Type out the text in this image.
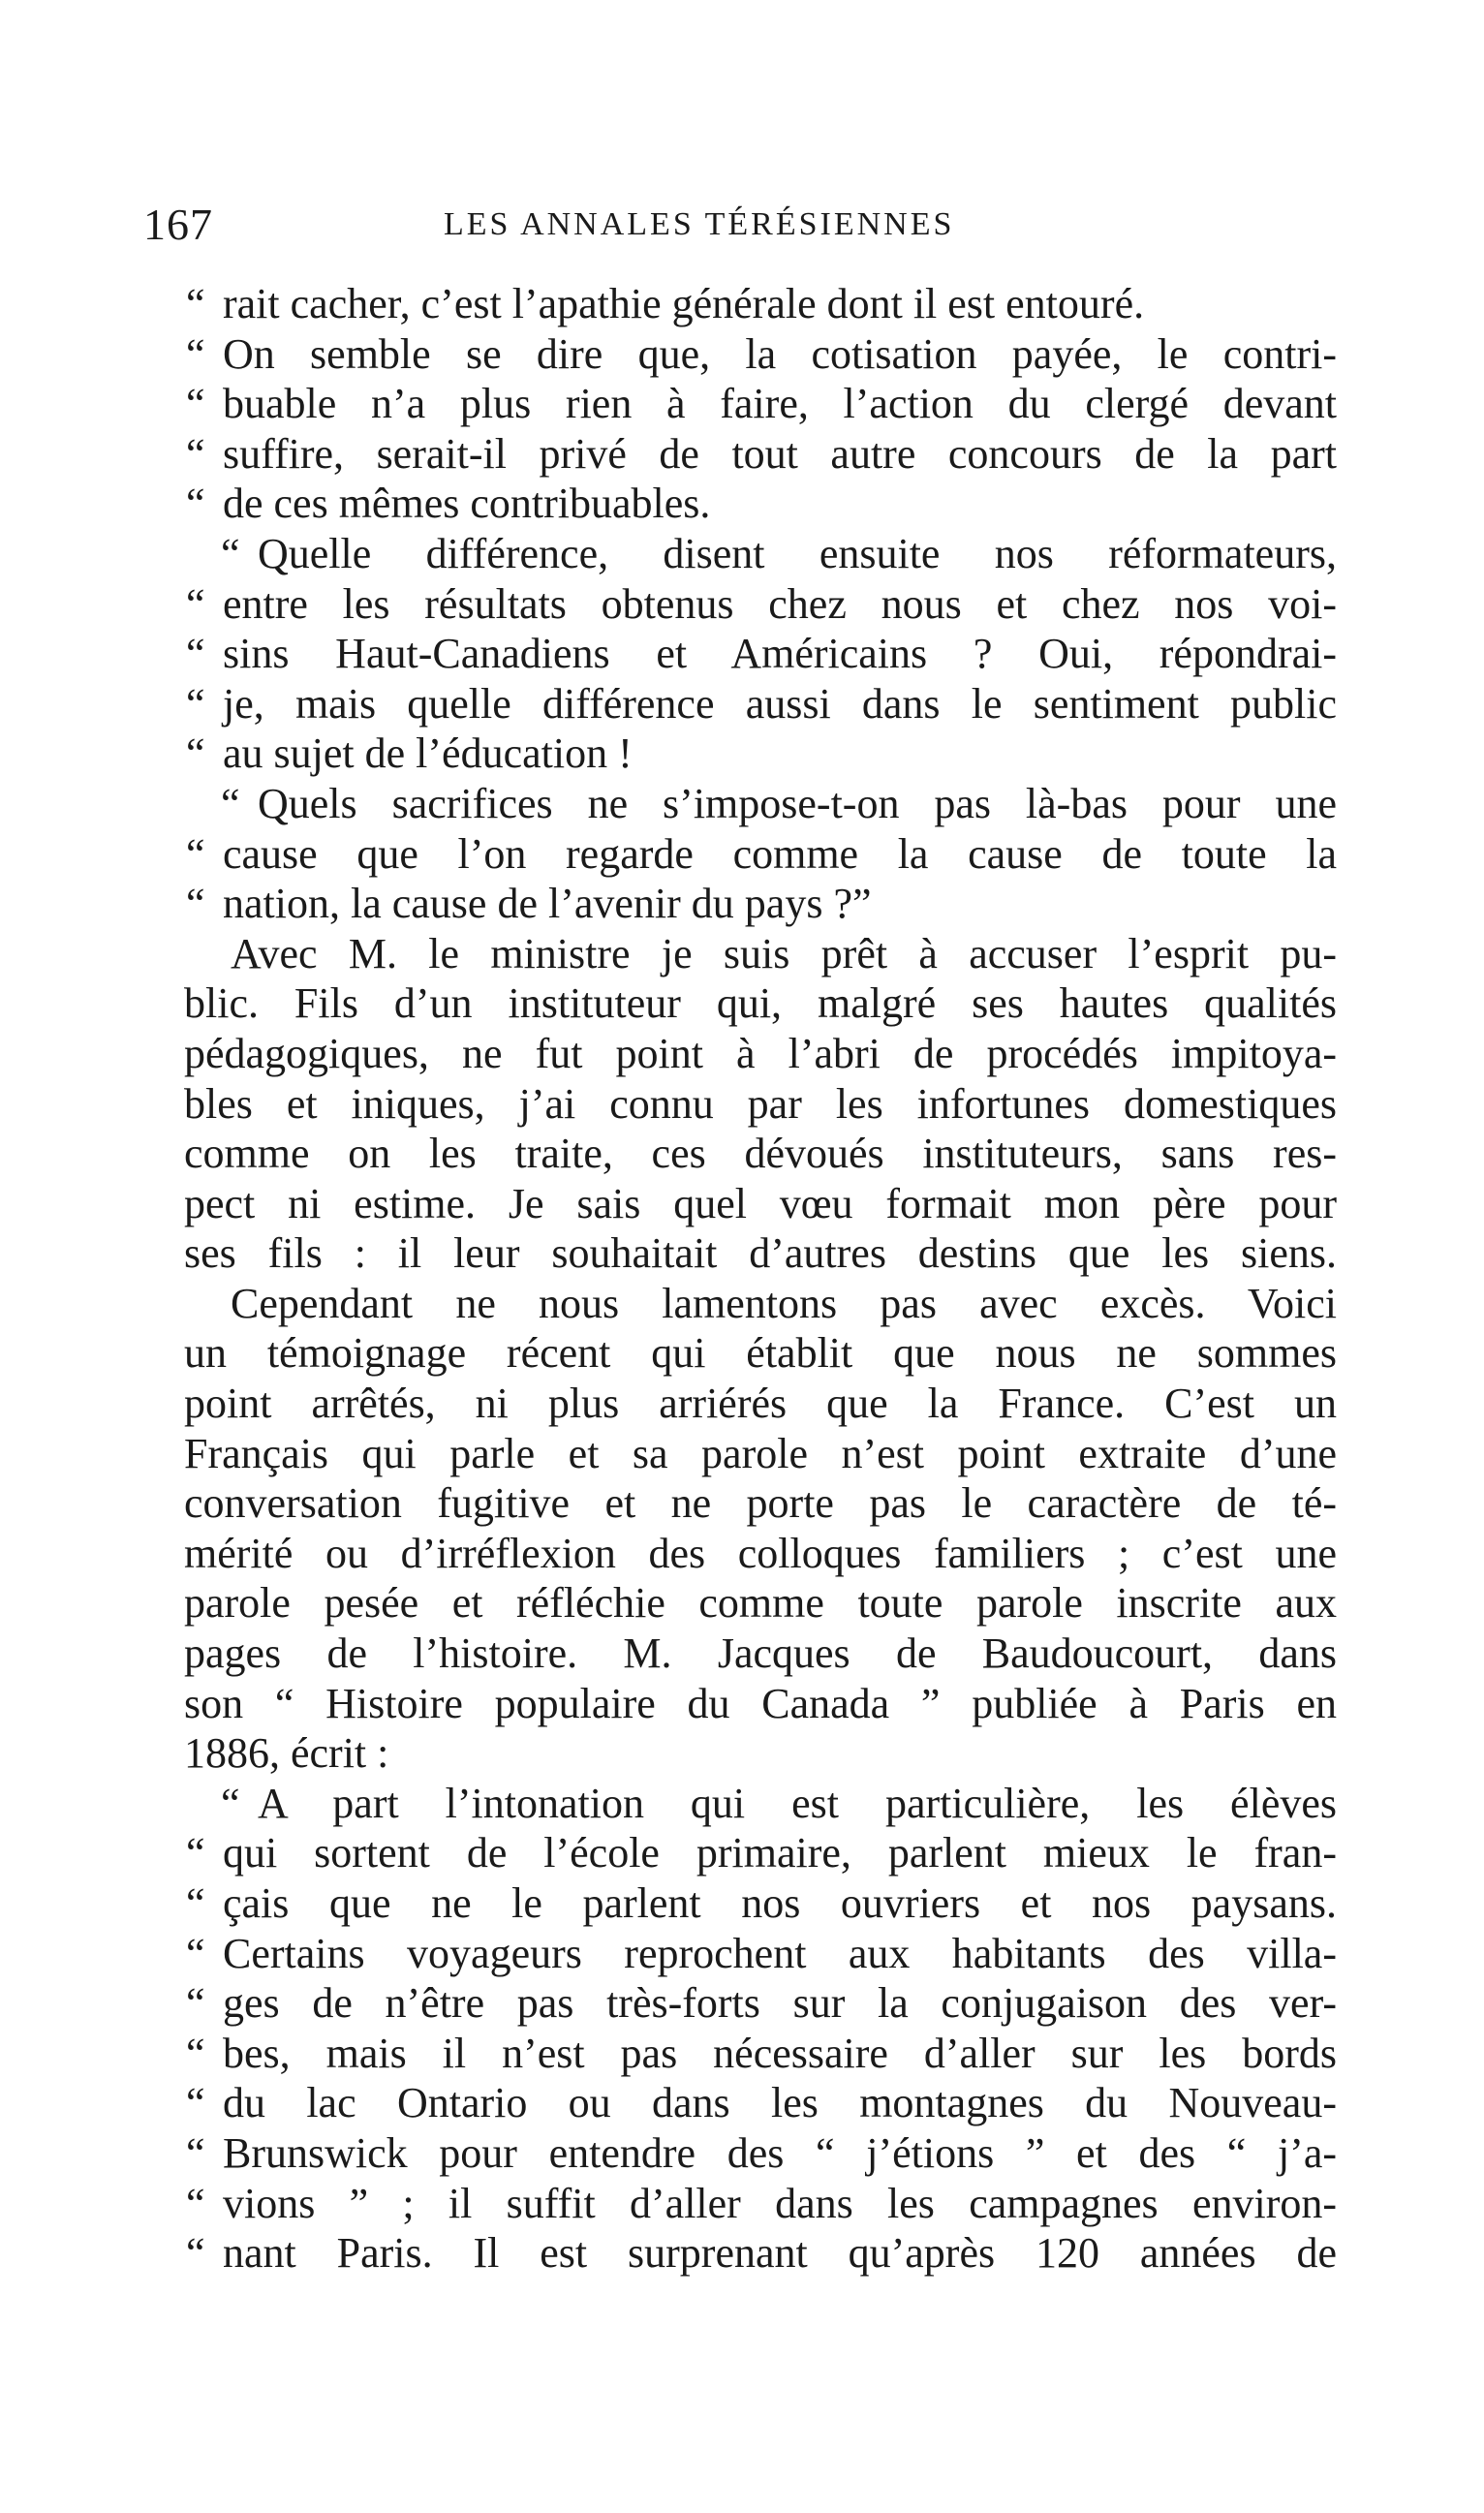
167	LES ANNALES TÉRÉSIENNES
“ rait cacher, c’est l’apathie générale dont il est entouré.
“ On semble se dire que, la cotisation payée, le contri-
“ buable n’a plus rien à faire, l’action du clergé devant
“ suffire, serait-il privé de tout autre concours de la part
“ de ces mêmes contribuables.
“ Quelle différence, disent ensuite nos réformateurs,
“ entre les résultats obtenus chez nous et chez nos voi-
“ sins Haut-Canadiens et Américains ? Oui, répondrai-
“ je, mais quelle différence aussi dans le sentiment public
“ au sujet de l’éducation !
“ Quels sacrifices ne s’impose-t-on pas là-bas pour une
“ cause que l’on regarde comme la cause de toute la
“ nation, la cause de l’avenir du pays ?”
Avec M. le ministre je suis prêt à accuser l’esprit pu-
blic. Fils d’un instituteur qui, malgré ses hautes qualités
pédagogiques, ne fut point à l’abri de procédés impitoya-
bles et iniques, j’ai connu par les infortunes domestiques
comme on les traite, ces dévoués instituteurs, sans res-
pect ni estime. Je sais quel vœu formait mon père pour
ses fils : il leur souhaitait d’autres destins que les siens.
Cependant ne nous lamentons pas avec excès. Voici
un témoignage récent qui établit que nous ne sommes
point arrêtés, ni plus arriérés que la France. C’est un
Français qui parle et sa parole n’est point extraite d’une
conversation fugitive et ne porte pas le caractère de té-
mérité ou d’irréflexion des colloques familiers ; c’est une
parole pesée et réfléchie comme toute parole inscrite aux
pages de l’histoire. M. Jacques de Baudoucourt, dans
son “ Histoire populaire du Canada ” publiée à Paris en
1886, écrit :
“ A part l’intonation qui est particulière, les élèves
“ qui sortent de l’école primaire, parlent mieux le fran-
“ çais que ne le parlent nos ouvriers et nos paysans.
“ Certains voyageurs reprochent aux habitants des villa-
“ ges de n’être pas très-forts sur la conjugaison des ver-
“ bes, mais il n’est pas nécessaire d’aller sur les bords
“ du lac Ontario ou dans les montagnes du Nouveau-
“ Brunswick pour entendre des “ j’étions ” et des “ j’a-
“ vions ” ; il suffit d’aller dans les campagnes environ-
“ nant Paris. Il est surprenant qu’après 120 années de
